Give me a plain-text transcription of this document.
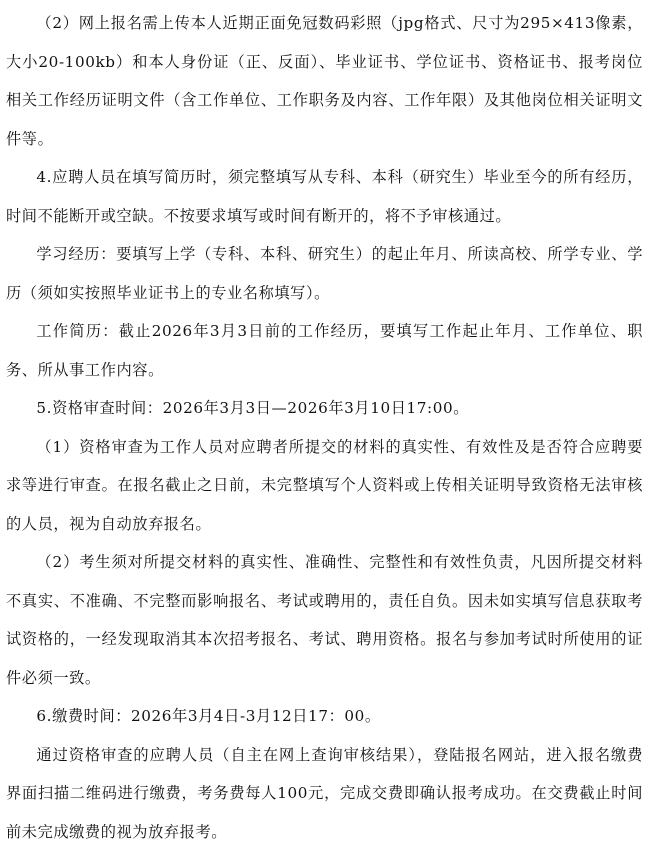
（2）网上报名需上传本人近期正面免冠数码彩照（jpg格式、尺寸为295×413像素，大小20-100kb）和本人身份证（正、反面）、毕业证书、学位证书、资格证书、报考岗位相关工作经历证明文件（含工作单位、工作职务及内容、工作年限）及其他岗位相关证明文件等。

4.应聘人员在填写简历时，须完整填写从专科、本科（研究生）毕业至今的所有经历，时间不能断开或空缺。不按要求填写或时间有断开的，将不予审核通过。

学习经历：要填写上学（专科、本科、研究生）的起止年月、所读高校、所学专业、学历（须如实按照毕业证书上的专业名称填写）。

工作简历：截止2026年3月3日前的工作经历，要填写工作起止年月、工作单位、职务、所从事工作内容。

5.资格审查时间：2026年3月3日—2026年3月10日17:00。

（1）资格审查为工作人员对应聘者所提交的材料的真实性、有效性及是否符合应聘要求等进行审查。在报名截止之日前，未完整填写个人资料或上传相关证明导致资格无法审核的人员，视为自动放弃报名。

（2）考生须对所提交材料的真实性、准确性、完整性和有效性负责，凡因所提交材料不真实、不准确、不完整而影响报名、考试或聘用的，责任自负。因未如实填写信息获取考试资格的，一经发现取消其本次招考报名、考试、聘用资格。报名与参加考试时所使用的证件必须一致。

6.缴费时间：2026年3月4日-3月12日17：00。

通过资格审查的应聘人员（自主在网上查询审核结果），登陆报名网站，进入报名缴费界面扫描二维码进行缴费，考务费每人100元，完成交费即确认报考成功。在交费截止时间前未完成缴费的视为放弃报考。
